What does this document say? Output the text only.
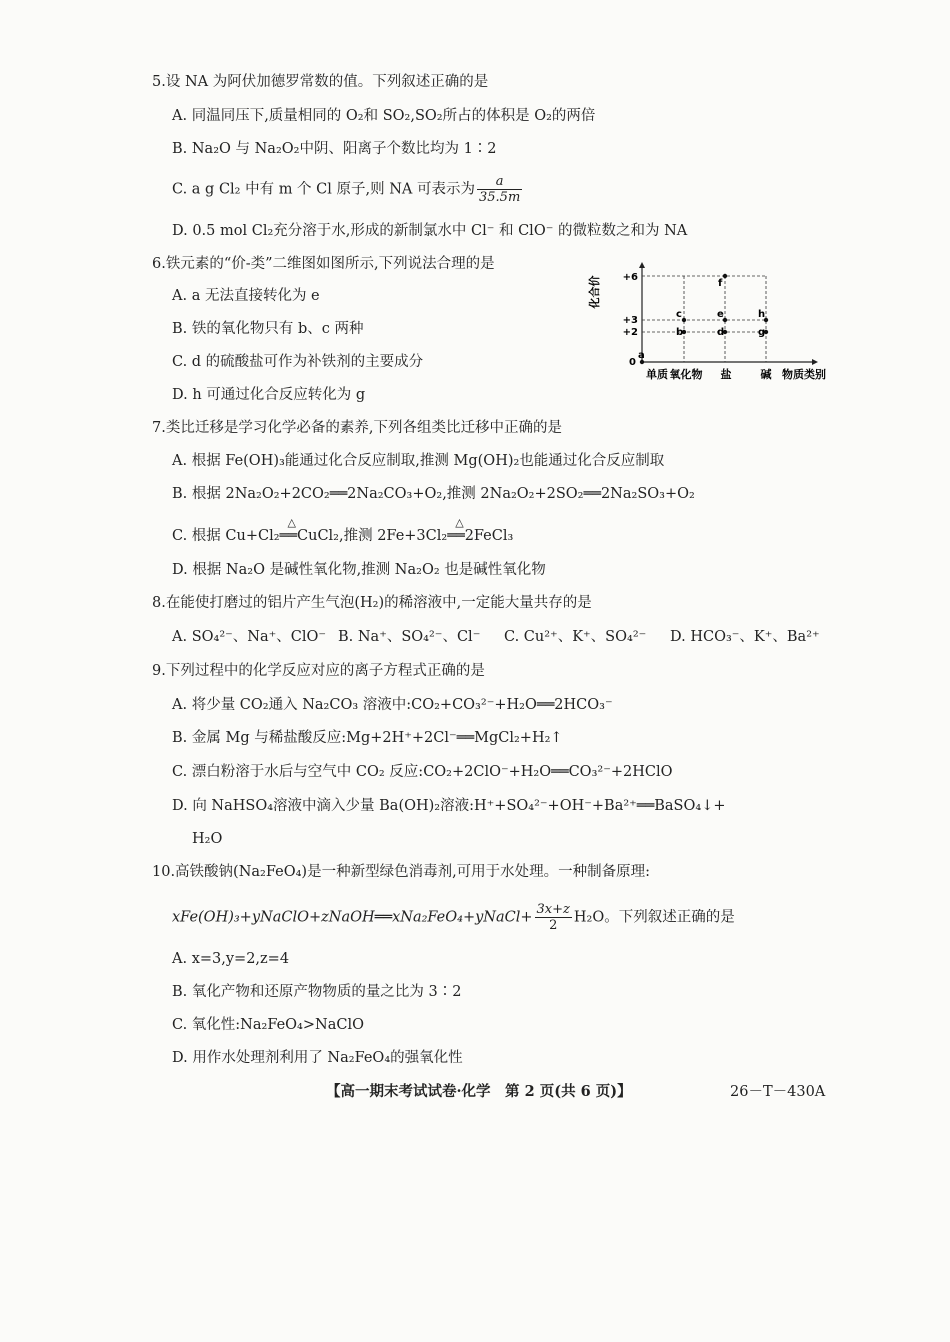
5.设 NA 为阿伏加德罗常数的值。下列叙述正确的是
A. 同温同压下,质量相同的 O₂和 SO₂,SO₂所占的体积是 O₂的两倍
B. Na₂O 与 Na₂O₂中阴、阳离子个数比均为 1∶2
C. a g Cl₂ 中有 m 个 Cl 原子,则 NA 可表示为 $\frac{a}{35.5m}$
D. 0.5 mol Cl₂充分溶于水,形成的新制氯水中 Cl⁻ 和 ClO⁻ 的微粒数之和为 NA
6.铁元素的“价-类”二维图如图所示,下列说法合理的是
A. a 无法直接转化为 e
B. 铁的氧化物只有 b、c 两种
C. d 的硫酸盐可作为补铁剂的主要成分
D. h 可通过化合反应转化为 g
化合价 +6
+3
+2
0
单质 氧化物 盐	碱 物质类别
a
b
c
d
e
f
g
h
7.类比迁移是学习化学必备的素养,下列各组类比迁移中正确的是
A. 根据 Fe(OH)₃能通过化合反应制取,推测 Mg(OH)₂也能通过化合反应制取
B. 根据 2Na₂O₂+2CO₂══2Na₂CO₃+O₂,推测 2Na₂O₂+2SO₂══2Na₂SO₃+O₂
C. 根据 Cu+Cl₂
△
══CuCl₂,推测 2Fe+3Cl₂
△
══2FeCl₃
D. 根据 Na₂O 是碱性氧化物,推测 Na₂O₂ 也是碱性氧化物
8.在能使打磨过的铝片产生气泡(H₂)的稀溶液中,一定能大量共存的是
A. SO₄²⁻、Na⁺、ClO⁻ B. Na⁺、SO₄²⁻、Cl⁻ C. Cu²⁺、K⁺、SO₄²⁻ D. HCO₃⁻、K⁺、Ba²⁺
9.下列过程中的化学反应对应的离子方程式正确的是
A. 将少量 CO₂通入 Na₂CO₃ 溶液中:CO₂+CO₃²⁻+H₂O══2HCO₃⁻
B. 金属 Mg 与稀盐酸反应:Mg+2H⁺+2Cl⁻══MgCl₂+H₂↑
C. 漂白粉溶于水后与空气中 CO₂ 反应:CO₂+2ClO⁻+H₂O══CO₃²⁻+2HClO
D. 向 NaHSO₄溶液中滴入少量 Ba(OH)₂溶液:H⁺+SO₄²⁻+OH⁻+Ba²⁺══BaSO₄↓+
H₂O
10.高铁酸钠(Na₂FeO₄)是一种新型绿色消毒剂,可用于水处理。一种制备原理:
xFe(OH)₃+yNaClO+zNaOH══xNa₂FeO₄+yNaCl+ $\frac{3x+z}{2} H_2O$。下列叙述正确的是
A. x=3,y=2,z=4
B. 氧化产物和还原产物物质的量之比为 3∶2
C. 氧化性:Na₂FeO₄>NaClO
D. 用作水处理剂利用了 Na₂FeO₄的强氧化性
【高一期末考试试卷·化学　第 2 页(共 6 页)】	26－T－430A
